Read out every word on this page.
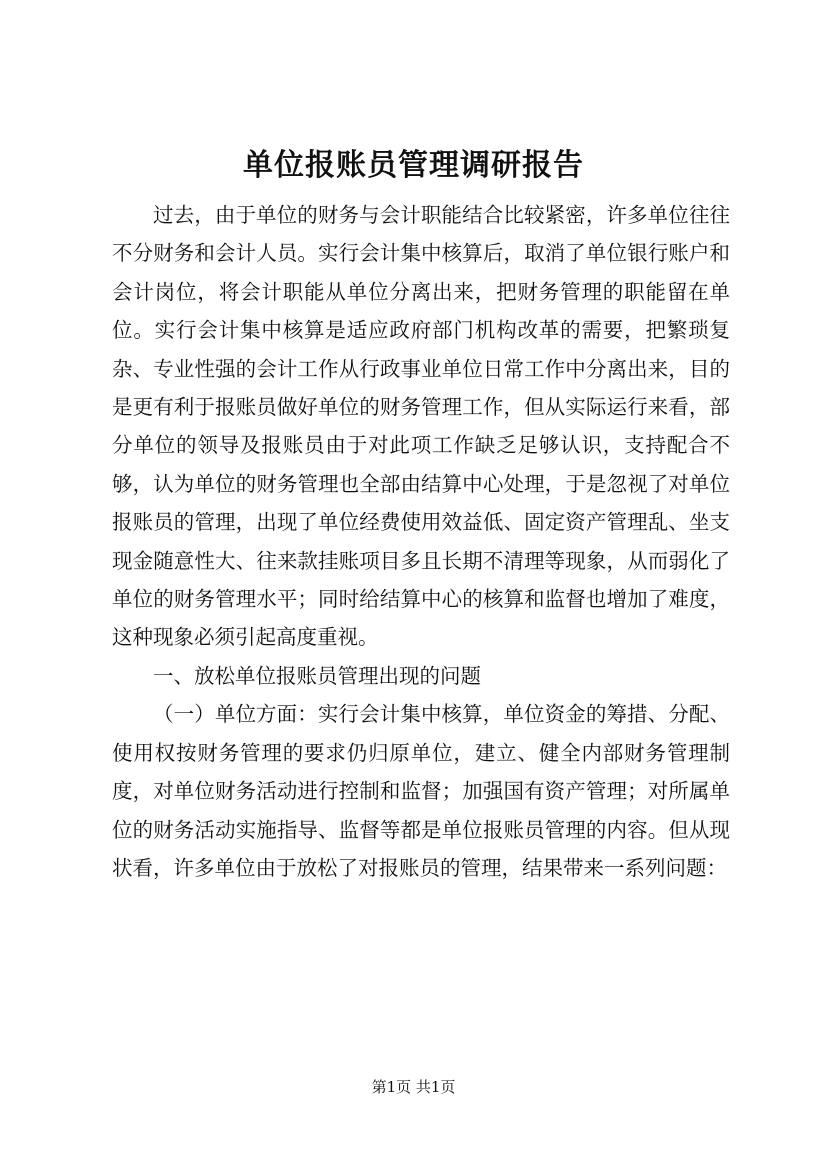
单位报账员管理调研报告

过去，由于单位的财务与会计职能结合比较紧密，许多单位往往不分财务和会计人员。实行会计集中核算后，取消了单位银行账户和会计岗位，将会计职能从单位分离出来，把财务管理的职能留在单位。实行会计集中核算是适应政府部门机构改革的需要，把繁琐复杂、专业性强的会计工作从行政事业单位日常工作中分离出来，目的是更有利于报账员做好单位的财务管理工作，但从实际运行来看，部分单位的领导及报账员由于对此项工作缺乏足够认识，支持配合不够，认为单位的财务管理也全部由结算中心处理，于是忽视了对单位报账员的管理，出现了单位经费使用效益低、固定资产管理乱、坐支现金随意性大、往来款挂账项目多且长期不清理等现象，从而弱化了单位的财务管理水平；同时给结算中心的核算和监督也增加了难度，这种现象必须引起高度重视。

一、放松单位报账员管理出现的问题

（一）单位方面：实行会计集中核算，单位资金的筹措、分配、使用权按财务管理的要求仍归原单位，建立、健全内部财务管理制度，对单位财务活动进行控制和监督；加强国有资产管理；对所属单位的财务活动实施指导、监督等都是单位报账员管理的内容。但从现状看，许多单位由于放松了对报账员的管理，结果带来一系列问题：

第1页 共1页
